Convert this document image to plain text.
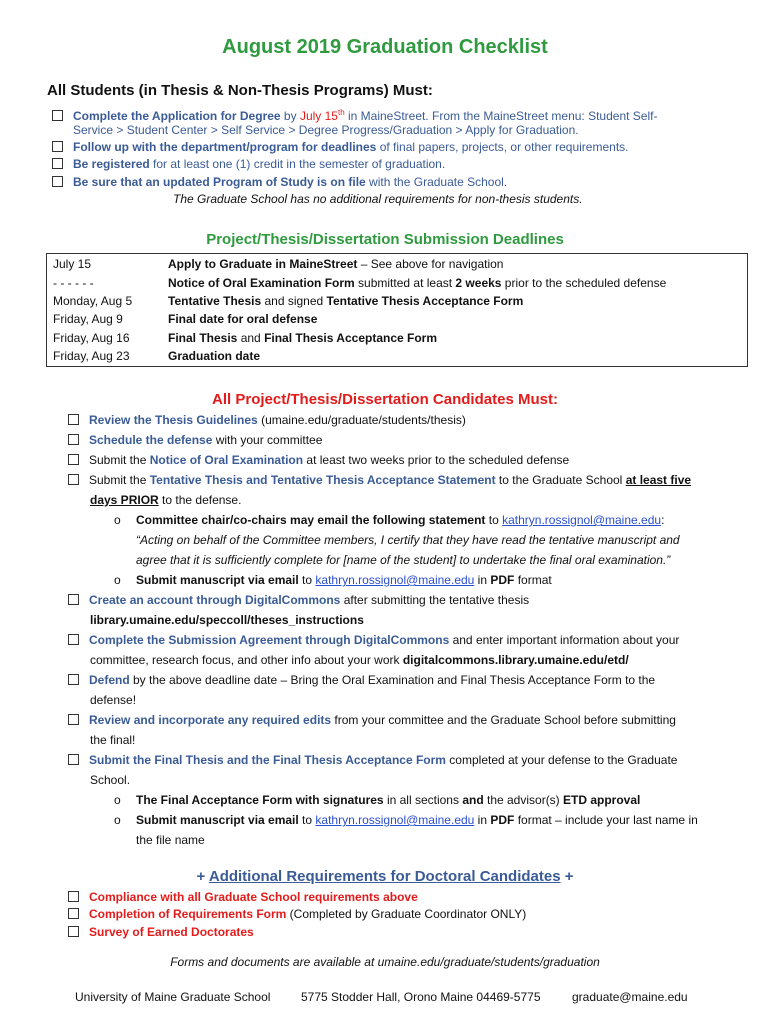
August 2019 Graduation Checklist
All Students (in Thesis & Non-Thesis Programs) Must:
Complete the Application for Degree by July 15th in MaineStreet. From the MaineStreet menu: Student Self-
Service > Student Center > Self Service > Degree Progress/Graduation > Apply for Graduation.
Follow up with the department/program for deadlines of final papers, projects, or other requirements.
Be registered for at least one (1) credit in the semester of graduation.
Be sure that an updated Program of Study is on file with the Graduate School.
The Graduate School has no additional requirements for non-thesis students.
Project/Thesis/Dissertation Submission Deadlines
July 15	Apply to Graduate in MaineStreet – See above for navigation
- - - - - -	Notice of Oral Examination Form submitted at least 2 weeks prior to the scheduled defense
Monday, Aug 5	Tentative Thesis and signed Tentative Thesis Acceptance Form
Friday, Aug 9	Final date for oral defense
Friday, Aug 16	Final Thesis and Final Thesis Acceptance Form
Friday, Aug 23	Graduation date
All Project/Thesis/Dissertation Candidates Must:
Review the Thesis Guidelines (umaine.edu/graduate/students/thesis)
Schedule the defense with your committee
Submit the Notice of Oral Examination at least two weeks prior to the scheduled defense
Submit the Tentative Thesis and Tentative Thesis Acceptance Statement to the Graduate School at least five
days PRIOR to the defense.
o Committee chair/co-chairs may email the following statement to kathryn.rossignol@maine.edu:
“Acting on behalf of the Committee members, I certify that they have read the tentative manuscript and
agree that it is sufficiently complete for [name of the student] to undertake the final oral examination.”
o Submit manuscript via email to kathryn.rossignol@maine.edu in PDF format
Create an account through DigitalCommons after submitting the tentative thesis
library.umaine.edu/speccoll/theses_instructions
Complete the Submission Agreement through DigitalCommons and enter important information about your
committee, research focus, and other info about your work digitalcommons.library.umaine.edu/etd/
Defend by the above deadline date – Bring the Oral Examination and Final Thesis Acceptance Form to the
defense!
Review and incorporate any required edits from your committee and the Graduate School before submitting
the final!
Submit the Final Thesis and the Final Thesis Acceptance Form completed at your defense to the Graduate
School.
o The Final Acceptance Form with signatures in all sections and the advisor(s) ETD approval
o Submit manuscript via email to kathryn.rossignol@maine.edu in PDF format – include your last name in
the file name
+ Additional Requirements for Doctoral Candidates +
Compliance with all Graduate School requirements above
Completion of Requirements Form (Completed by Graduate Coordinator ONLY)
Survey of Earned Doctorates
Forms and documents are available at umaine.edu/graduate/students/graduation
University of Maine Graduate School	5775 Stodder Hall, Orono Maine 04469-5775	graduate@maine.edu
